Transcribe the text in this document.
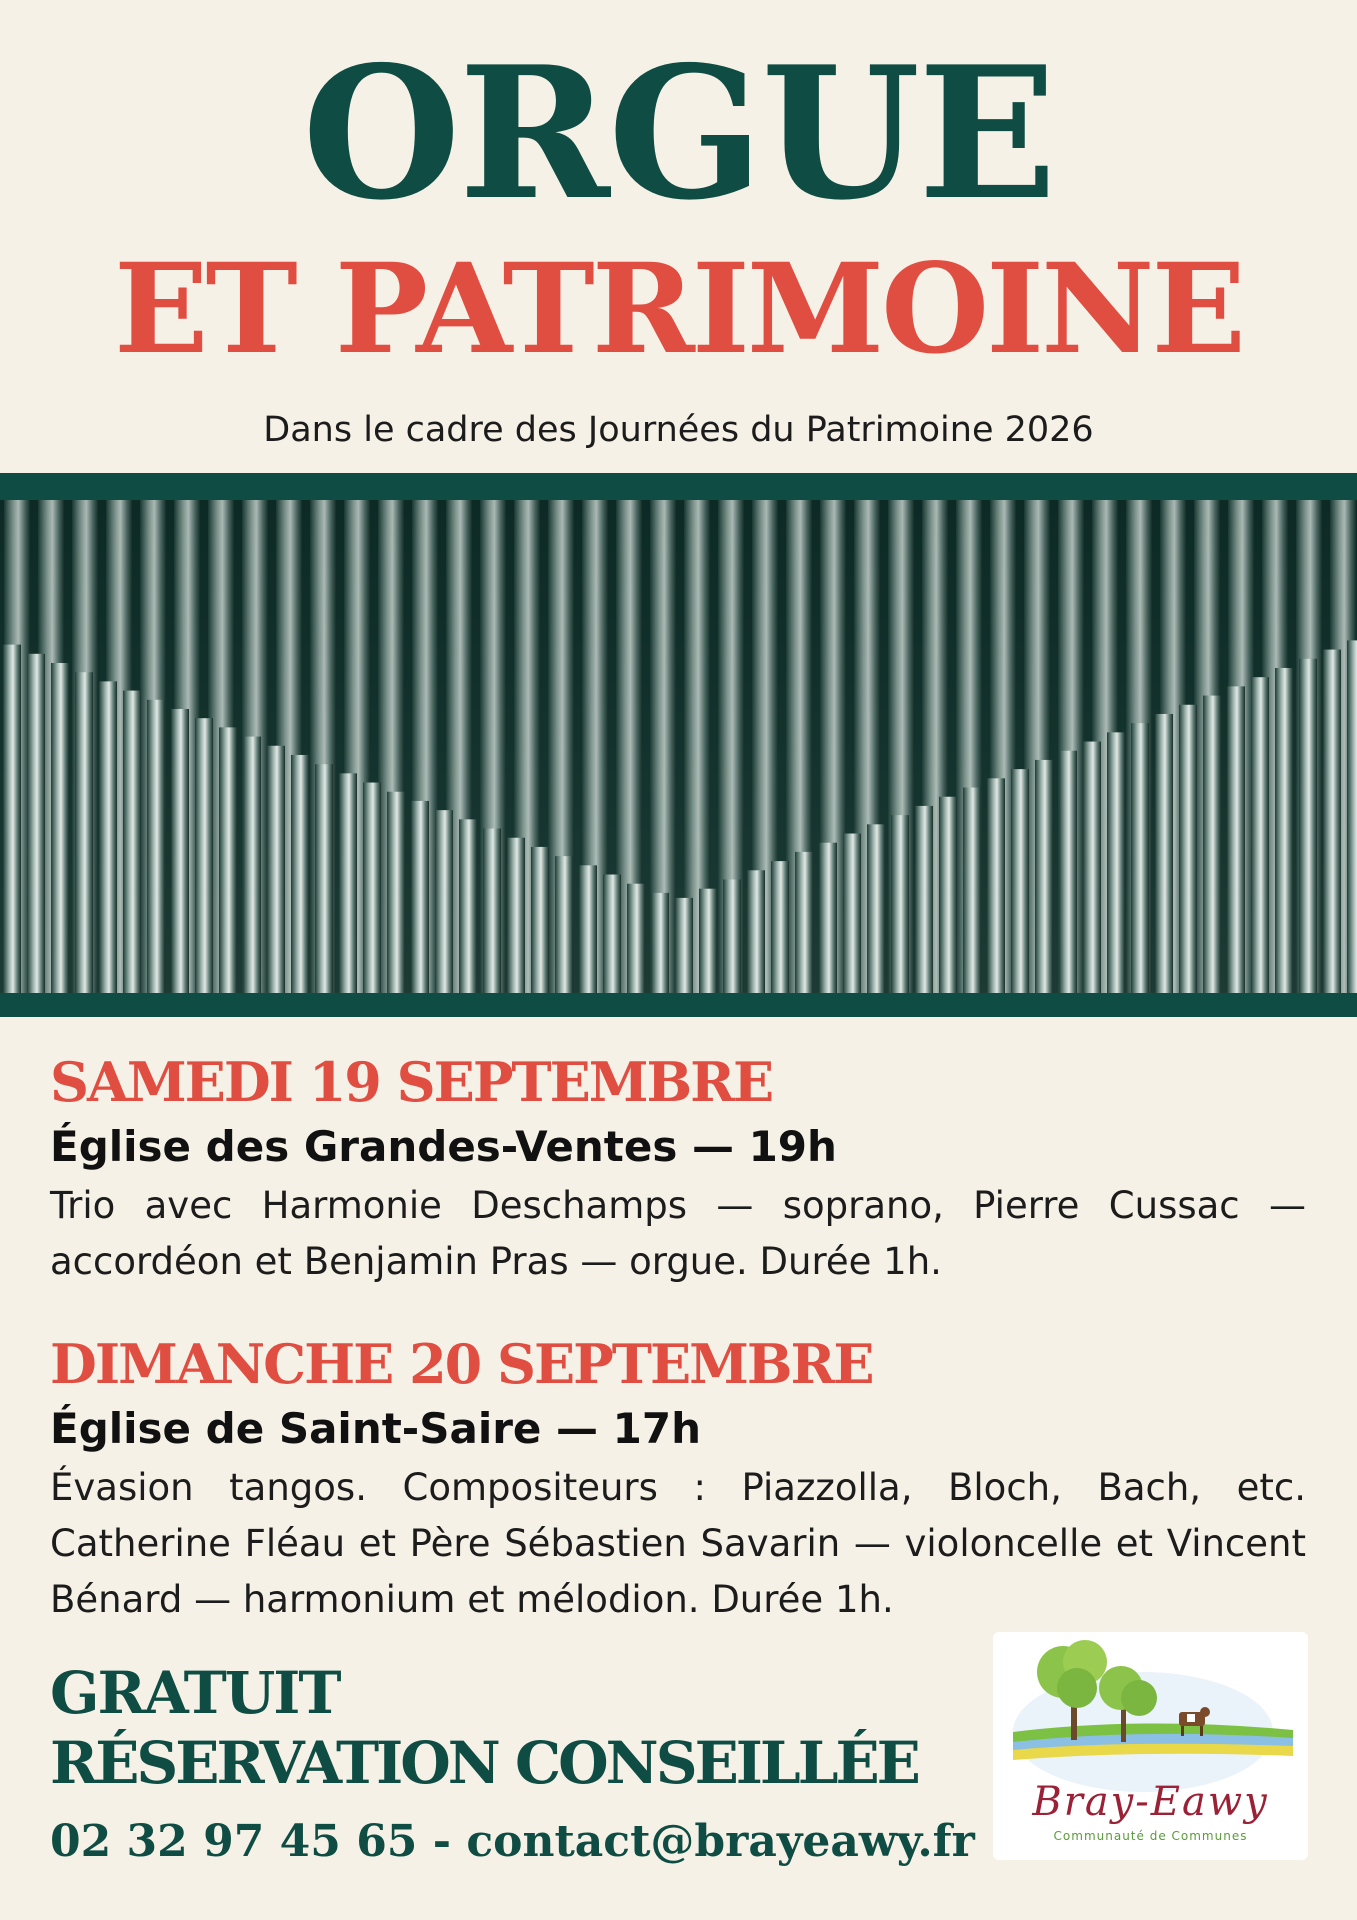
ORGUE
ET PATRIMOINE
Dans le cadre des Journées du Patrimoine 2026
SAMEDI 19 SEPTEMBRE
Église des Grandes-Ventes — 19h
Trio avec Harmonie Deschamps — soprano, Pierre Cussac — accordéon et Benjamin Pras — orgue. Durée 1h.
DIMANCHE 20 SEPTEMBRE
Église de Saint-Saire — 17h
Évasion tangos. Compositeurs : Piazzolla, Bloch, Bach, etc. Catherine Fléau et Père Sébastien Savarin — violoncelle et Vincent Bénard — harmonium et mélodion. Durée 1h.
GRATUIT
RÉSERVATION CONSEILLÉE
02 32 97 45 65 - contact@brayeawy.fr
Bray-Eawy
Communauté de Communes
